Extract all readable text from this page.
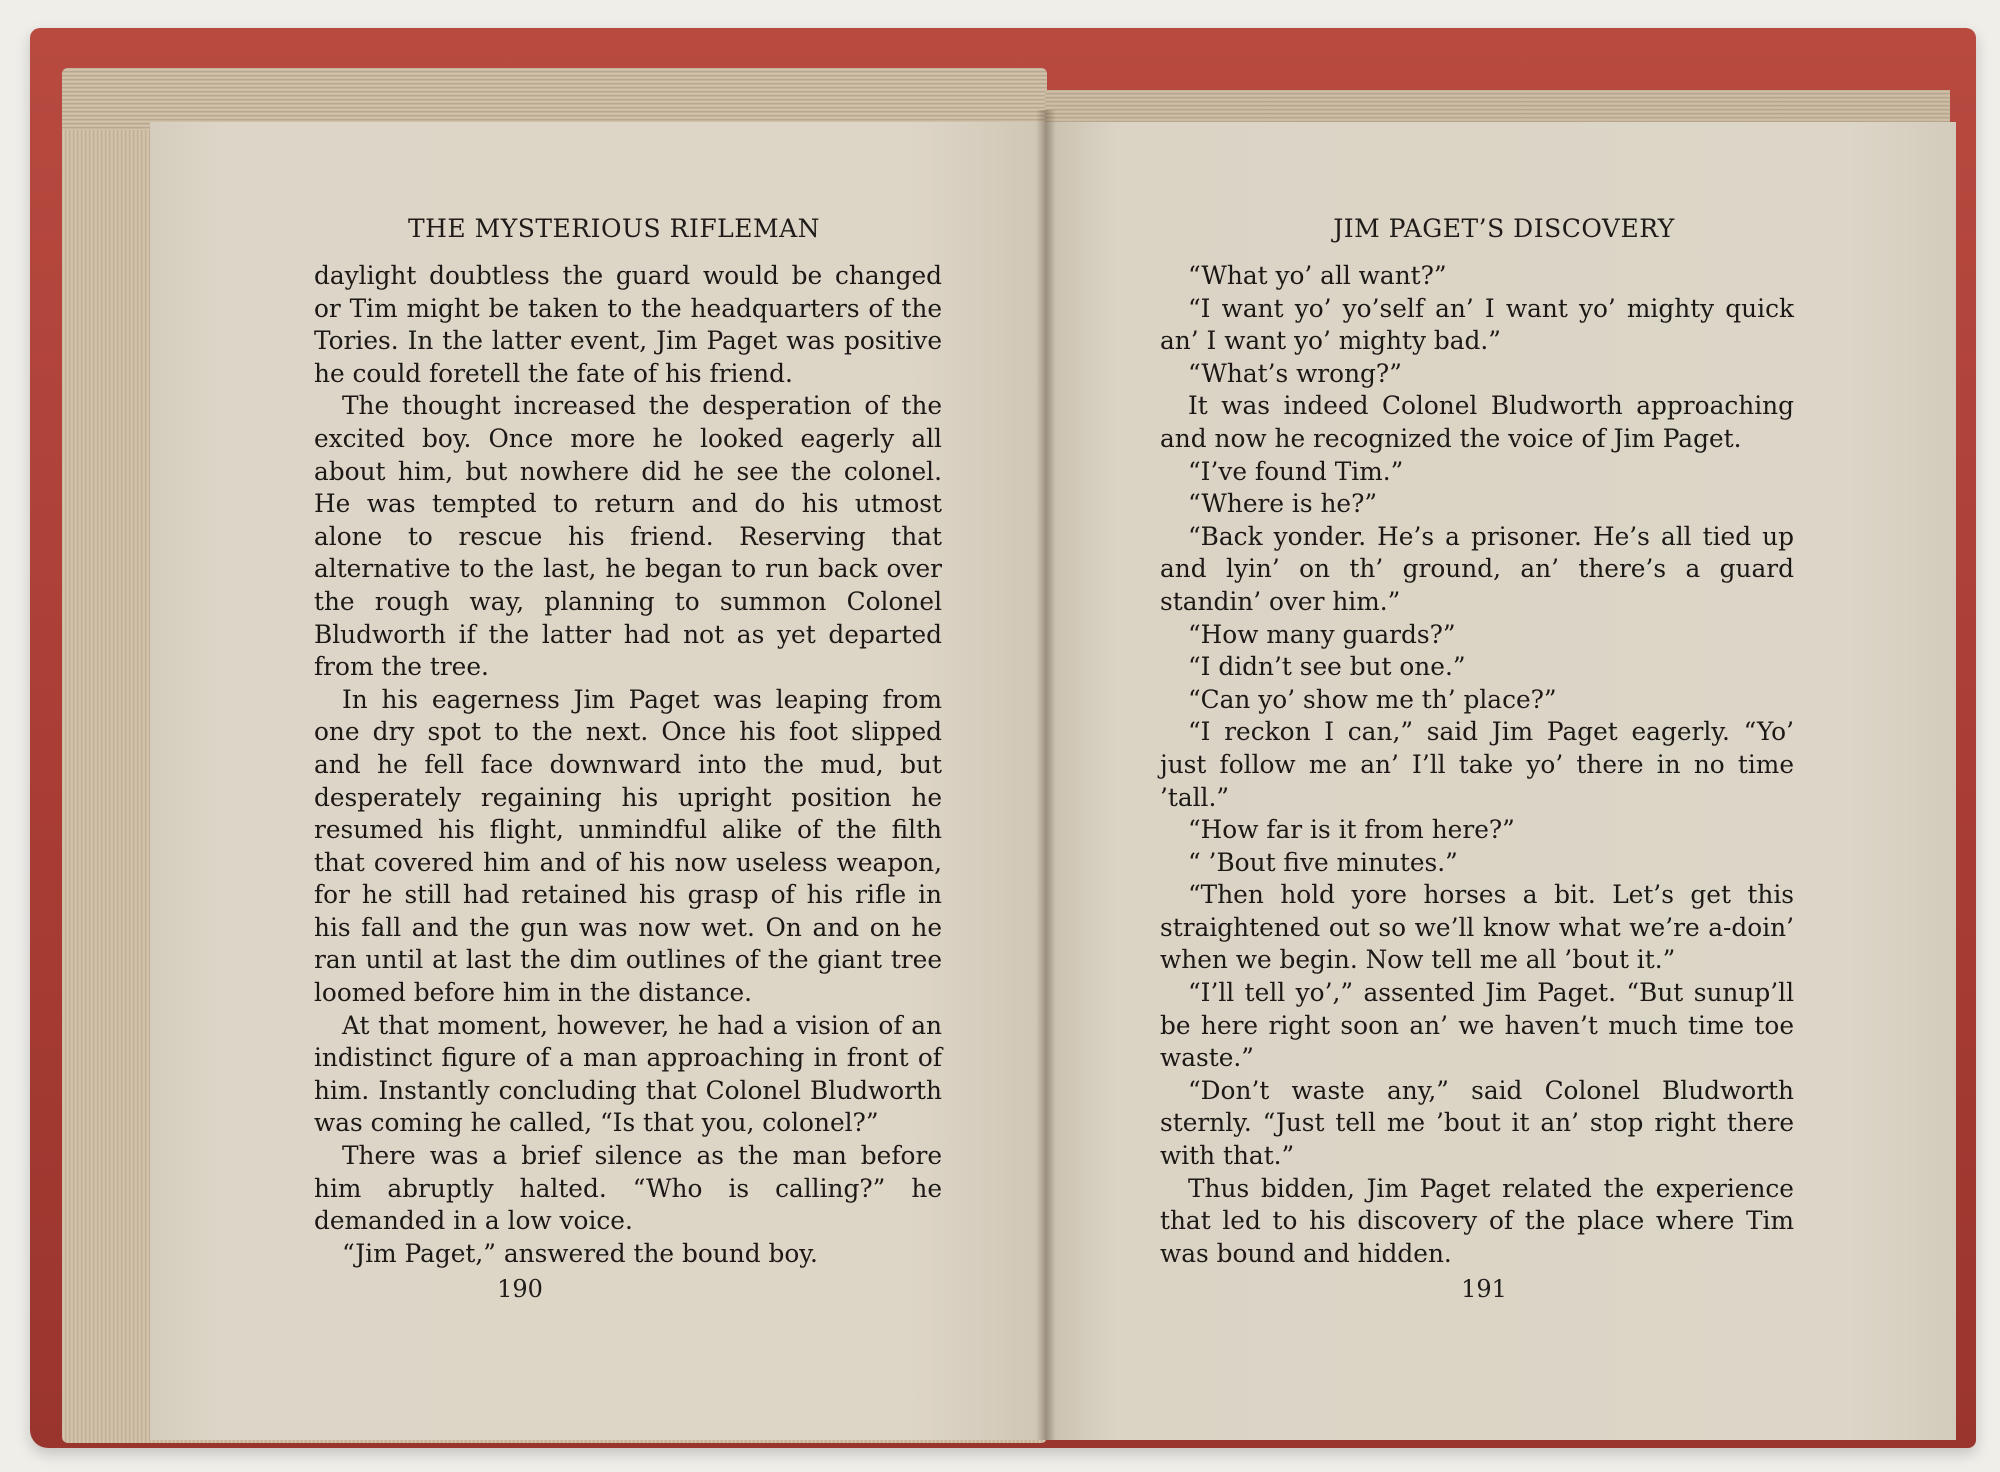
THE MYSTERIOUS RIFLEMAN

daylight doubtless the guard would be changed or Tim might be taken to the headquarters of the Tories. In the latter event, Jim Paget was positive he could foretell the fate of his friend.

The thought increased the desperation of the excited boy. Once more he looked eagerly all about him, but nowhere did he see the colonel. He was tempted to return and do his utmost alone to rescue his friend. Reserving that alternative to the last, he began to run back over the rough way, planning to summon Colonel Bludworth if the latter had not as yet departed from the tree.

In his eagerness Jim Paget was leaping from one dry spot to the next. Once his foot slipped and he fell face downward into the mud, but desperately regaining his upright position he resumed his flight, unmindful alike of the filth that covered him and of his now useless weapon, for he still had retained his grasp of his rifle in his fall and the gun was now wet. On and on he ran until at last the dim outlines of the giant tree loomed before him in the distance.

At that moment, however, he had a vision of an indistinct figure of a man approaching in front of him. Instantly concluding that Colonel Bludworth was coming he called, “Is that you, colonel?”

There was a brief silence as the man before him abruptly halted. “Who is calling?” he demanded in a low voice.

“Jim Paget,” answered the bound boy.

190
JIM PAGET’S DISCOVERY

“What yo’ all want?”

“I want yo’ yo’self an’ I want yo’ mighty quick an’ I want yo’ mighty bad.”

“What’s wrong?”

It was indeed Colonel Bludworth approaching and now he recognized the voice of Jim Paget.

“I’ve found Tim.”

“Where is he?”

“Back yonder. He’s a prisoner. He’s all tied up and lyin’ on th’ ground, an’ there’s a guard standin’ over him.”

“How many guards?”

“I didn’t see but one.”

“Can yo’ show me th’ place?”

“I reckon I can,” said Jim Paget eagerly. “Yo’ just follow me an’ I’ll take yo’ there in no time ’tall.”

“How far is it from here?”

“ ’Bout five minutes.”

“Then hold yore horses a bit. Let’s get this straightened out so we’ll know what we’re a-doin’ when we begin. Now tell me all ’bout it.”

“I’ll tell yo’,” assented Jim Paget. “But sunup’ll be here right soon an’ we haven’t much time toe waste.”

“Don’t waste any,” said Colonel Bludworth sternly. “Just tell me ’bout it an’ stop right there with that.”

Thus bidden, Jim Paget related the experience that led to his discovery of the place where Tim was bound and hidden.

191
